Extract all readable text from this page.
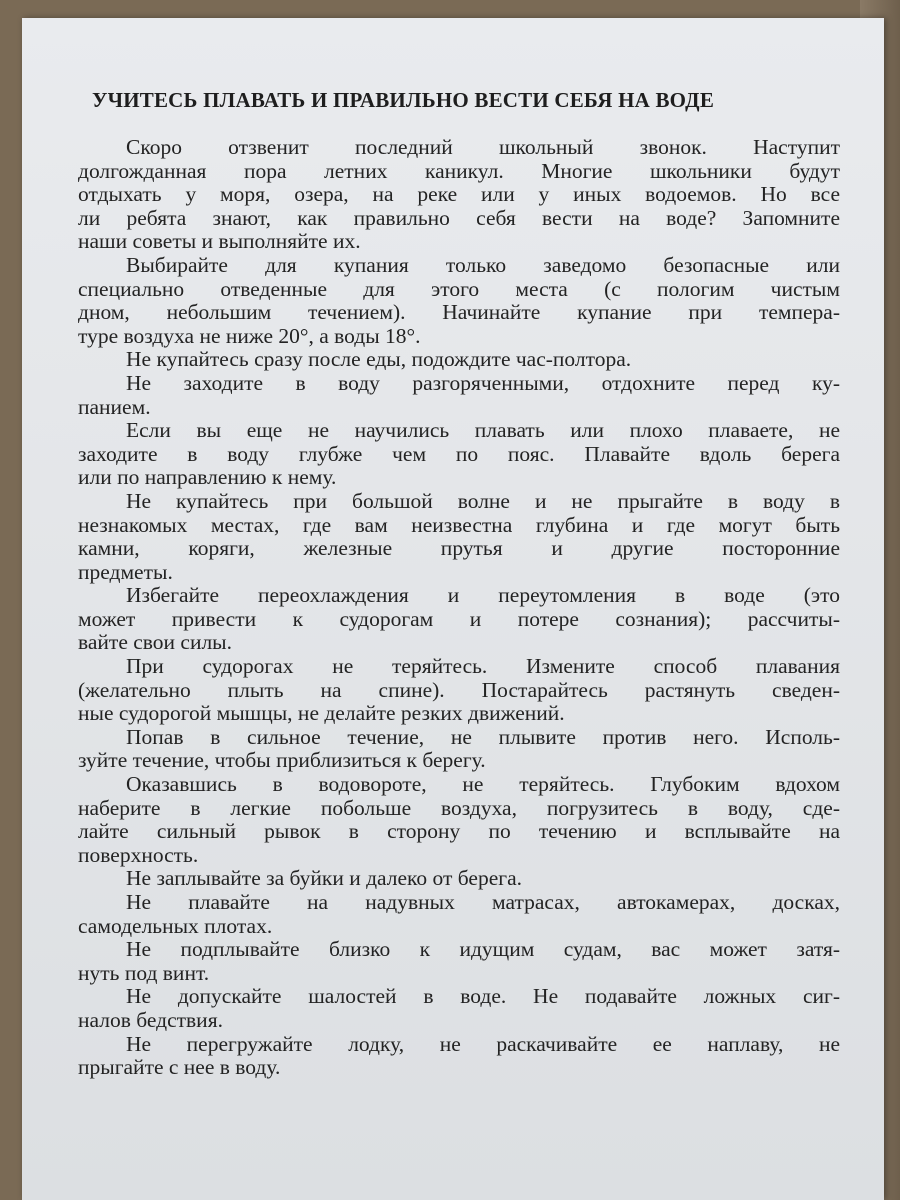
УЧИТЕСЬ ПЛАВАТЬ И ПРАВИЛЬНО ВЕСТИ СЕБЯ НА ВОДЕ
Скоро отзвенит последний школьный звонок. Наступит
долгожданная пора летних каникул. Многие школьники будут
отдыхать у моря, озера, на реке или у иных водоемов. Но все
ли ребята знают, как правильно себя вести на воде? Запомните
наши советы и выполняйте их.
Выбирайте для купания только заведомо безопасные или
специально отведенные для этого места (с пологим чистым
дном, небольшим течением). Начинайте купание при темпера-
туре воздуха не ниже 20°, а воды 18°.
Не купайтесь сразу после еды, подождите час-полтора.
Не заходите в воду разгоряченными, отдохните перед ку-
панием.
Если вы еще не научились плавать или плохо плаваете, не
заходите в воду глубже чем по пояс. Плавайте вдоль берега
или по направлению к нему.
Не купайтесь при большой волне и не прыгайте в воду в
незнакомых местах, где вам неизвестна глубина и где могут быть
камни, коряги, железные прутья и другие посторонние
предметы.
Избегайте переохлаждения и переутомления в воде (это
может привести к судорогам и потере сознания); рассчиты-
вайте свои силы.
При судорогах не теряйтесь. Измените способ плавания
(желательно плыть на спине). Постарайтесь растянуть сведен-
ные судорогой мышцы, не делайте резких движений.
Попав в сильное течение, не плывите против него. Исполь-
зуйте течение, чтобы приблизиться к берегу.
Оказавшись в водовороте, не теряйтесь. Глубоким вдохом
наберите в легкие побольше воздуха, погрузитесь в воду, сде-
лайте сильный рывок в сторону по течению и всплывайте на
поверхность.
Не заплывайте за буйки и далеко от берега.
Не плавайте на надувных матрасах, автокамерах, досках,
самодельных плотах.
Не подплывайте близко к идущим судам, вас может затя-
нуть под винт.
Не допускайте шалостей в воде. Не подавайте ложных сиг-
налов бедствия.
Не перегружайте лодку, не раскачивайте ее наплаву, не
прыгайте с нее в воду.
